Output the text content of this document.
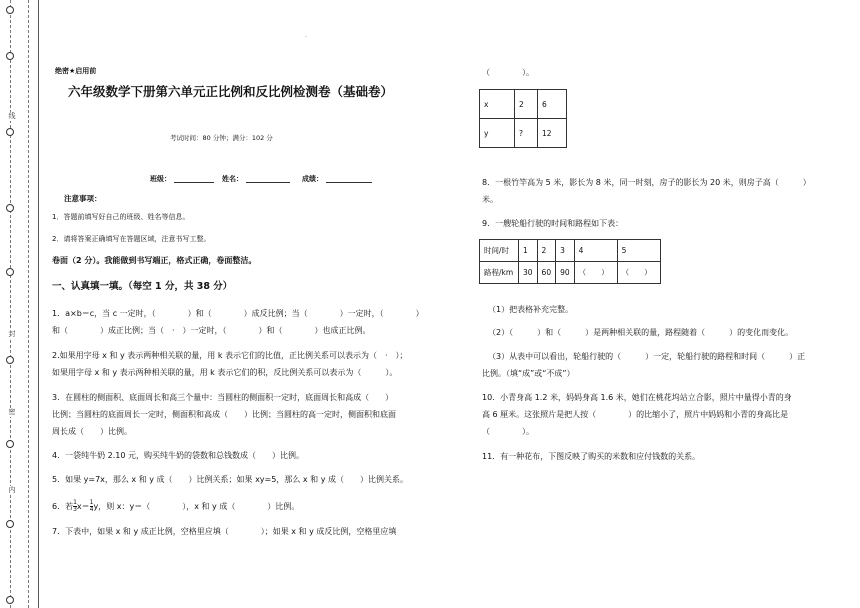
线
封
密
内
·
绝密★启用前
六年级数学下册第六单元正比例和反比例检测卷（基础卷）
考试时间：80 分钟；满分：102 分
班级：	姓名：	成绩：
注意事项：
1．答题前填写好自己的班级、姓名等信息。
2．请将答案正确填写在答题区域，注意书写工整。
卷面（2 分）。我能做到书写端正，格式正确，卷面整洁。
一、认真填一填。（每空 1 分，共 38 分）
1．a×b＝c，当 c 一定时，（　　　　）和（　　　　）成反比例；当（　　　　）一定时，（　　　　）
和（　　　　）成正比例；当（　·　）一定时，（　　　　）和（　　　　）也成正比例。
2.如果用字母 x 和 y 表示两种相关联的量，用 k 表示它们的比值，正比例关系可以表示为（　·　）；
如果用字母 x 和 y 表示两种相关联的量，用 k 表示它们的积，反比例关系可以表示为（　　　）。
3．在圆柱的侧面积、底面周长和高三个量中：当圆柱的侧面积一定时，底面周长和高成（　　）
比例；当圆柱的底面周长一定时，侧面积和高成（　　）比例；当圆柱的高一定时，侧面积和底面
周长成（　　）比例。
4．一袋纯牛奶 2.10 元，购买纯牛奶的袋数和总钱数成（　　）比例。
5．如果 y=7x，那么 x 和 y 成（　　）比例关系；如果 xy=5，那么 x 和 y 成（　　）比例关系。
6．若 $\frac{1}{3} x= \frac{1}{4}$ y，则 x：y＝（　　　　），x 和 y 成（　　　　）比例。
7．下表中，如果 x 和 y 成正比例，空格里应填（　　　　）；如果 x 和 y 成反比例，空格里应填
（　　　　）。
x	2	6
y	?	12
8．一根竹竿高为 5 米，影长为 8 米，同一时刻，房子的影长为 20 米，则房子高（　　　）
米。
9．一艘轮船行驶的时间和路程如下表：
时间/时	1	2	3	4	5
路程/km	30	60	90	（　　）	（　　）
（1）把表格补充完整。
（2）（　　　）和（　　　）是两种相关联的量，路程随着（　　　）的变化而变化。
（3）从表中可以看出，轮船行驶的（　　　）一定，轮船行驶的路程和时间（　　　）正
比例。（填“成”或“不成”）
10．小青身高 1.2 米，妈妈身高 1.6 米，她们在桃花坞站立合影，照片中量得小青的身
高 6 厘米。这张照片是把人按（　　　　）的比缩小了，照片中妈妈和小青的身高比是
（　　　　）。
11．有一种花布，下图反映了购买的米数和应付钱数的关系。
